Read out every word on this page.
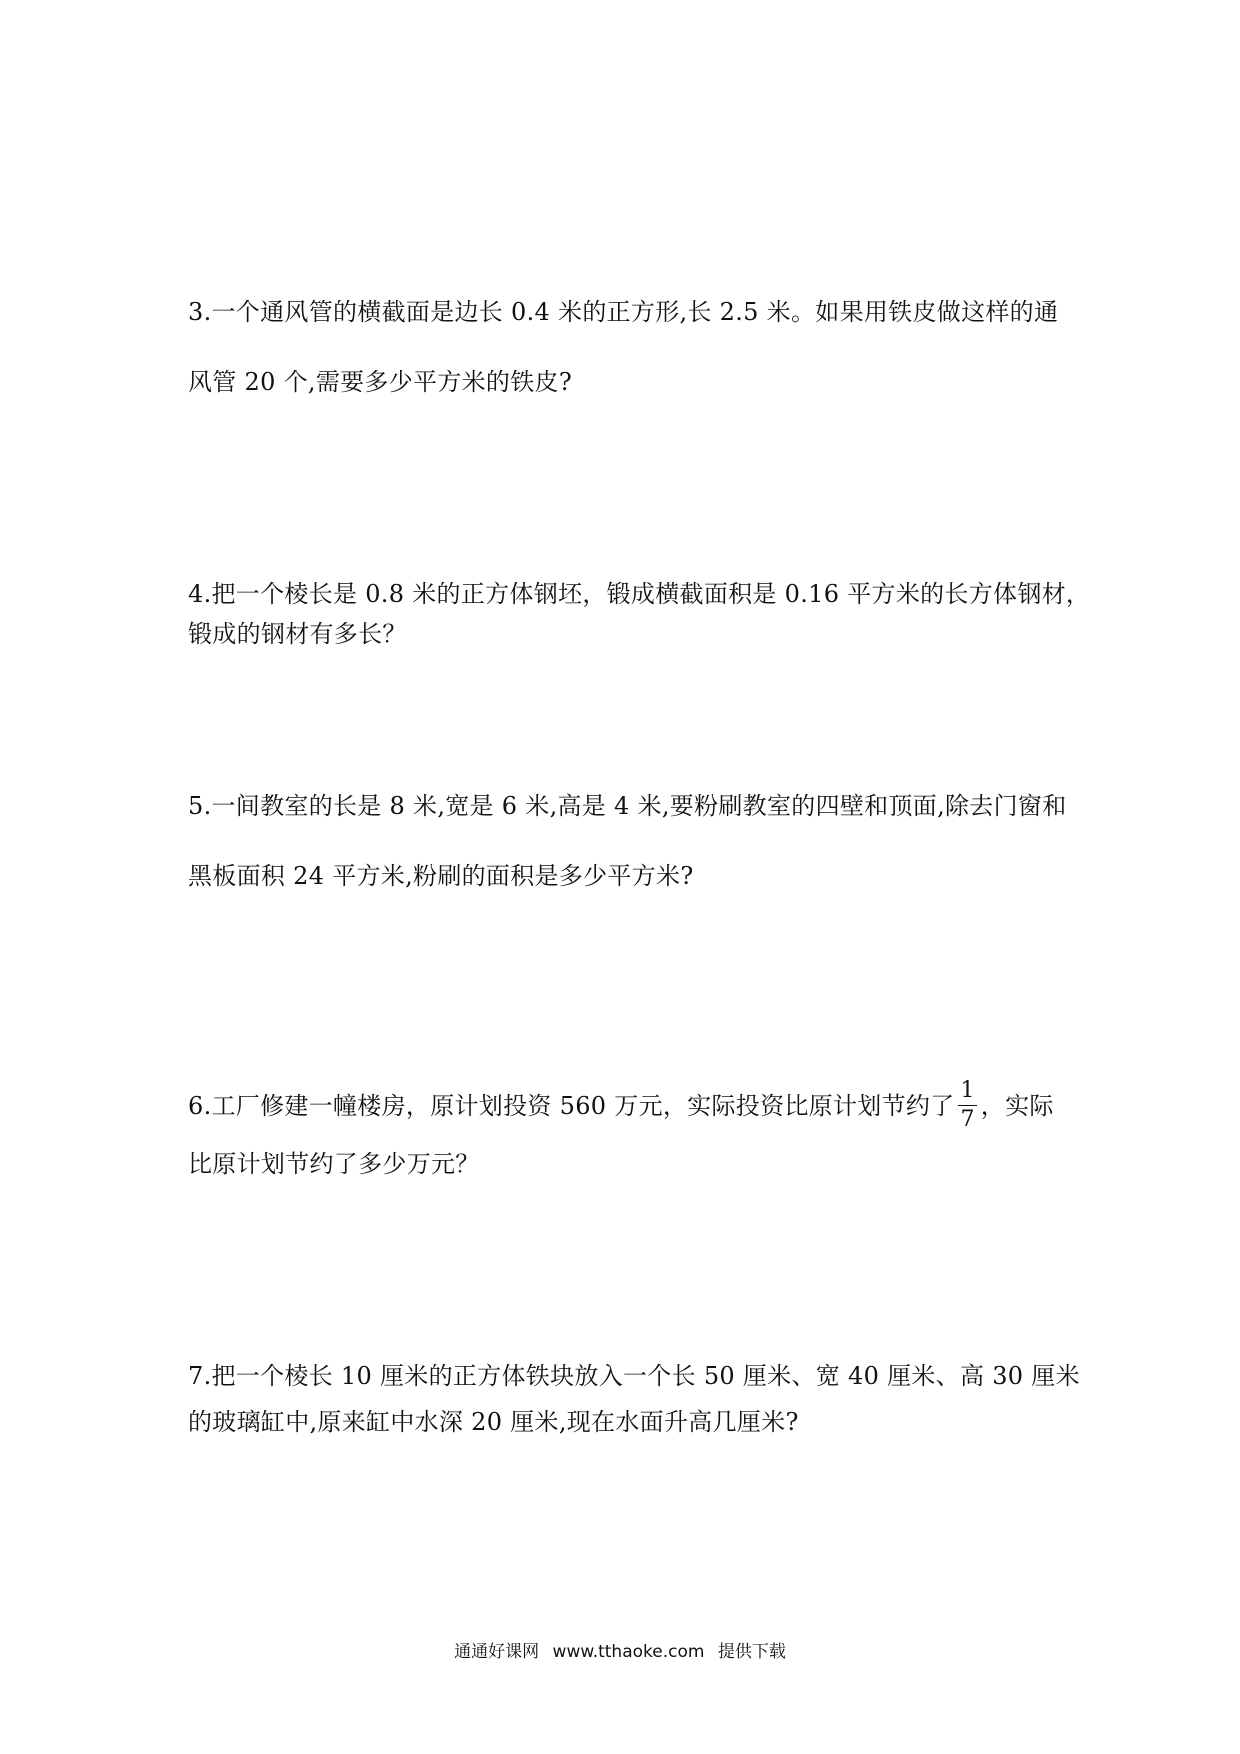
3.一个通风管的横截面是边长 0.4 米的正方形,长 2.5 米。如果用铁皮做这样的通
风管 20 个,需要多少平方米的铁皮?
4.把一个棱长是 0.8 米的正方体钢坯，锻成横截面积是 0.16 平方米的长方体钢材，
锻成的钢材有多长？
5.一间教室的长是 8 米,宽是 6 米,高是 4 米,要粉刷教室的四壁和顶面,除去门窗和
黑板面积 24 平方米,粉刷的面积是多少平方米?
6.工厂修建一幢楼房，原计划投资 560 万元，实际投资比原计划节约了 $\frac{1}{7}$ ，实际
比原计划节约了多少万元？
7.把一个棱长 10 厘米的正方体铁块放入一个长 50 厘米、宽 40 厘米、高 30 厘米
的玻璃缸中,原来缸中水深 20 厘米,现在水面升高几厘米?
通通好课网 www.tthaoke.com 提供下载
